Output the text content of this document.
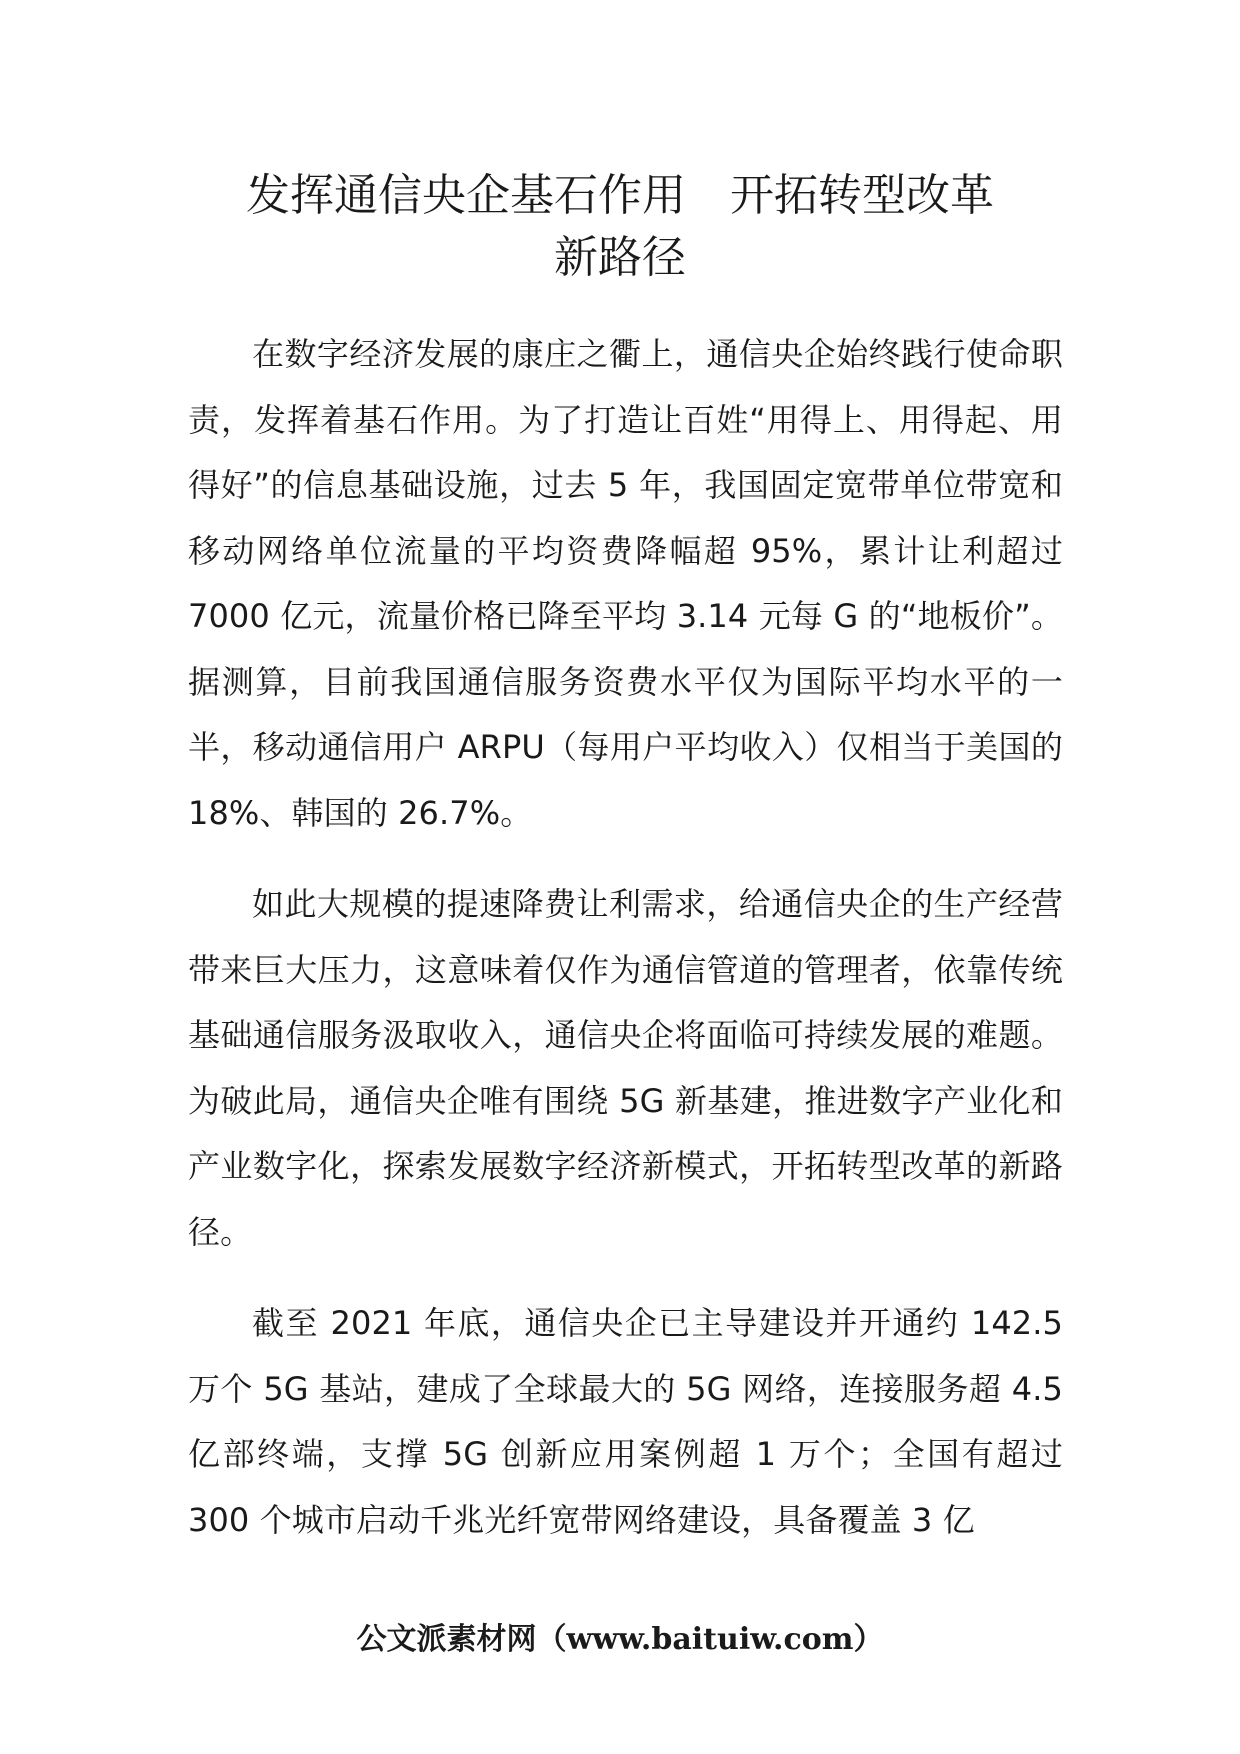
发挥通信央企基石作用　开拓转型改革
新路径

在数字经济发展的康庄之衢上，通信央企始终践行使命职责，发挥着基石作用。为了打造让百姓“用得上、用得起、用得好”的信息基础设施，过去 5 年，我国固定宽带单位带宽和移动网络单位流量的平均资费降幅超 95%，累计让利超过 7000 亿元，流量价格已降至平均 3.14 元每 G 的“地板价”。据测算，目前我国通信服务资费水平仅为国际平均水平的一半，移动通信用户 ARPU（每用户平均收入）仅相当于美国的 18%、韩国的 26.7%。

如此大规模的提速降费让利需求，给通信央企的生产经营带来巨大压力，这意味着仅作为通信管道的管理者，依靠传统基础通信服务汲取收入，通信央企将面临可持续发展的难题。为破此局，通信央企唯有围绕 5G 新基建，推进数字产业化和产业数字化，探索发展数字经济新模式，开拓转型改革的新路径。

截至 2021 年底，通信央企已主导建设并开通约 142.5 万个 5G 基站，建成了全球最大的 5G 网络，连接服务超 4.5 亿部终端，支撑 5G 创新应用案例超 1 万个；全国有超过 300 个城市启动千兆光纤宽带网络建设，具备覆盖 3 亿

公文派素材网（www.baituiw.com）
